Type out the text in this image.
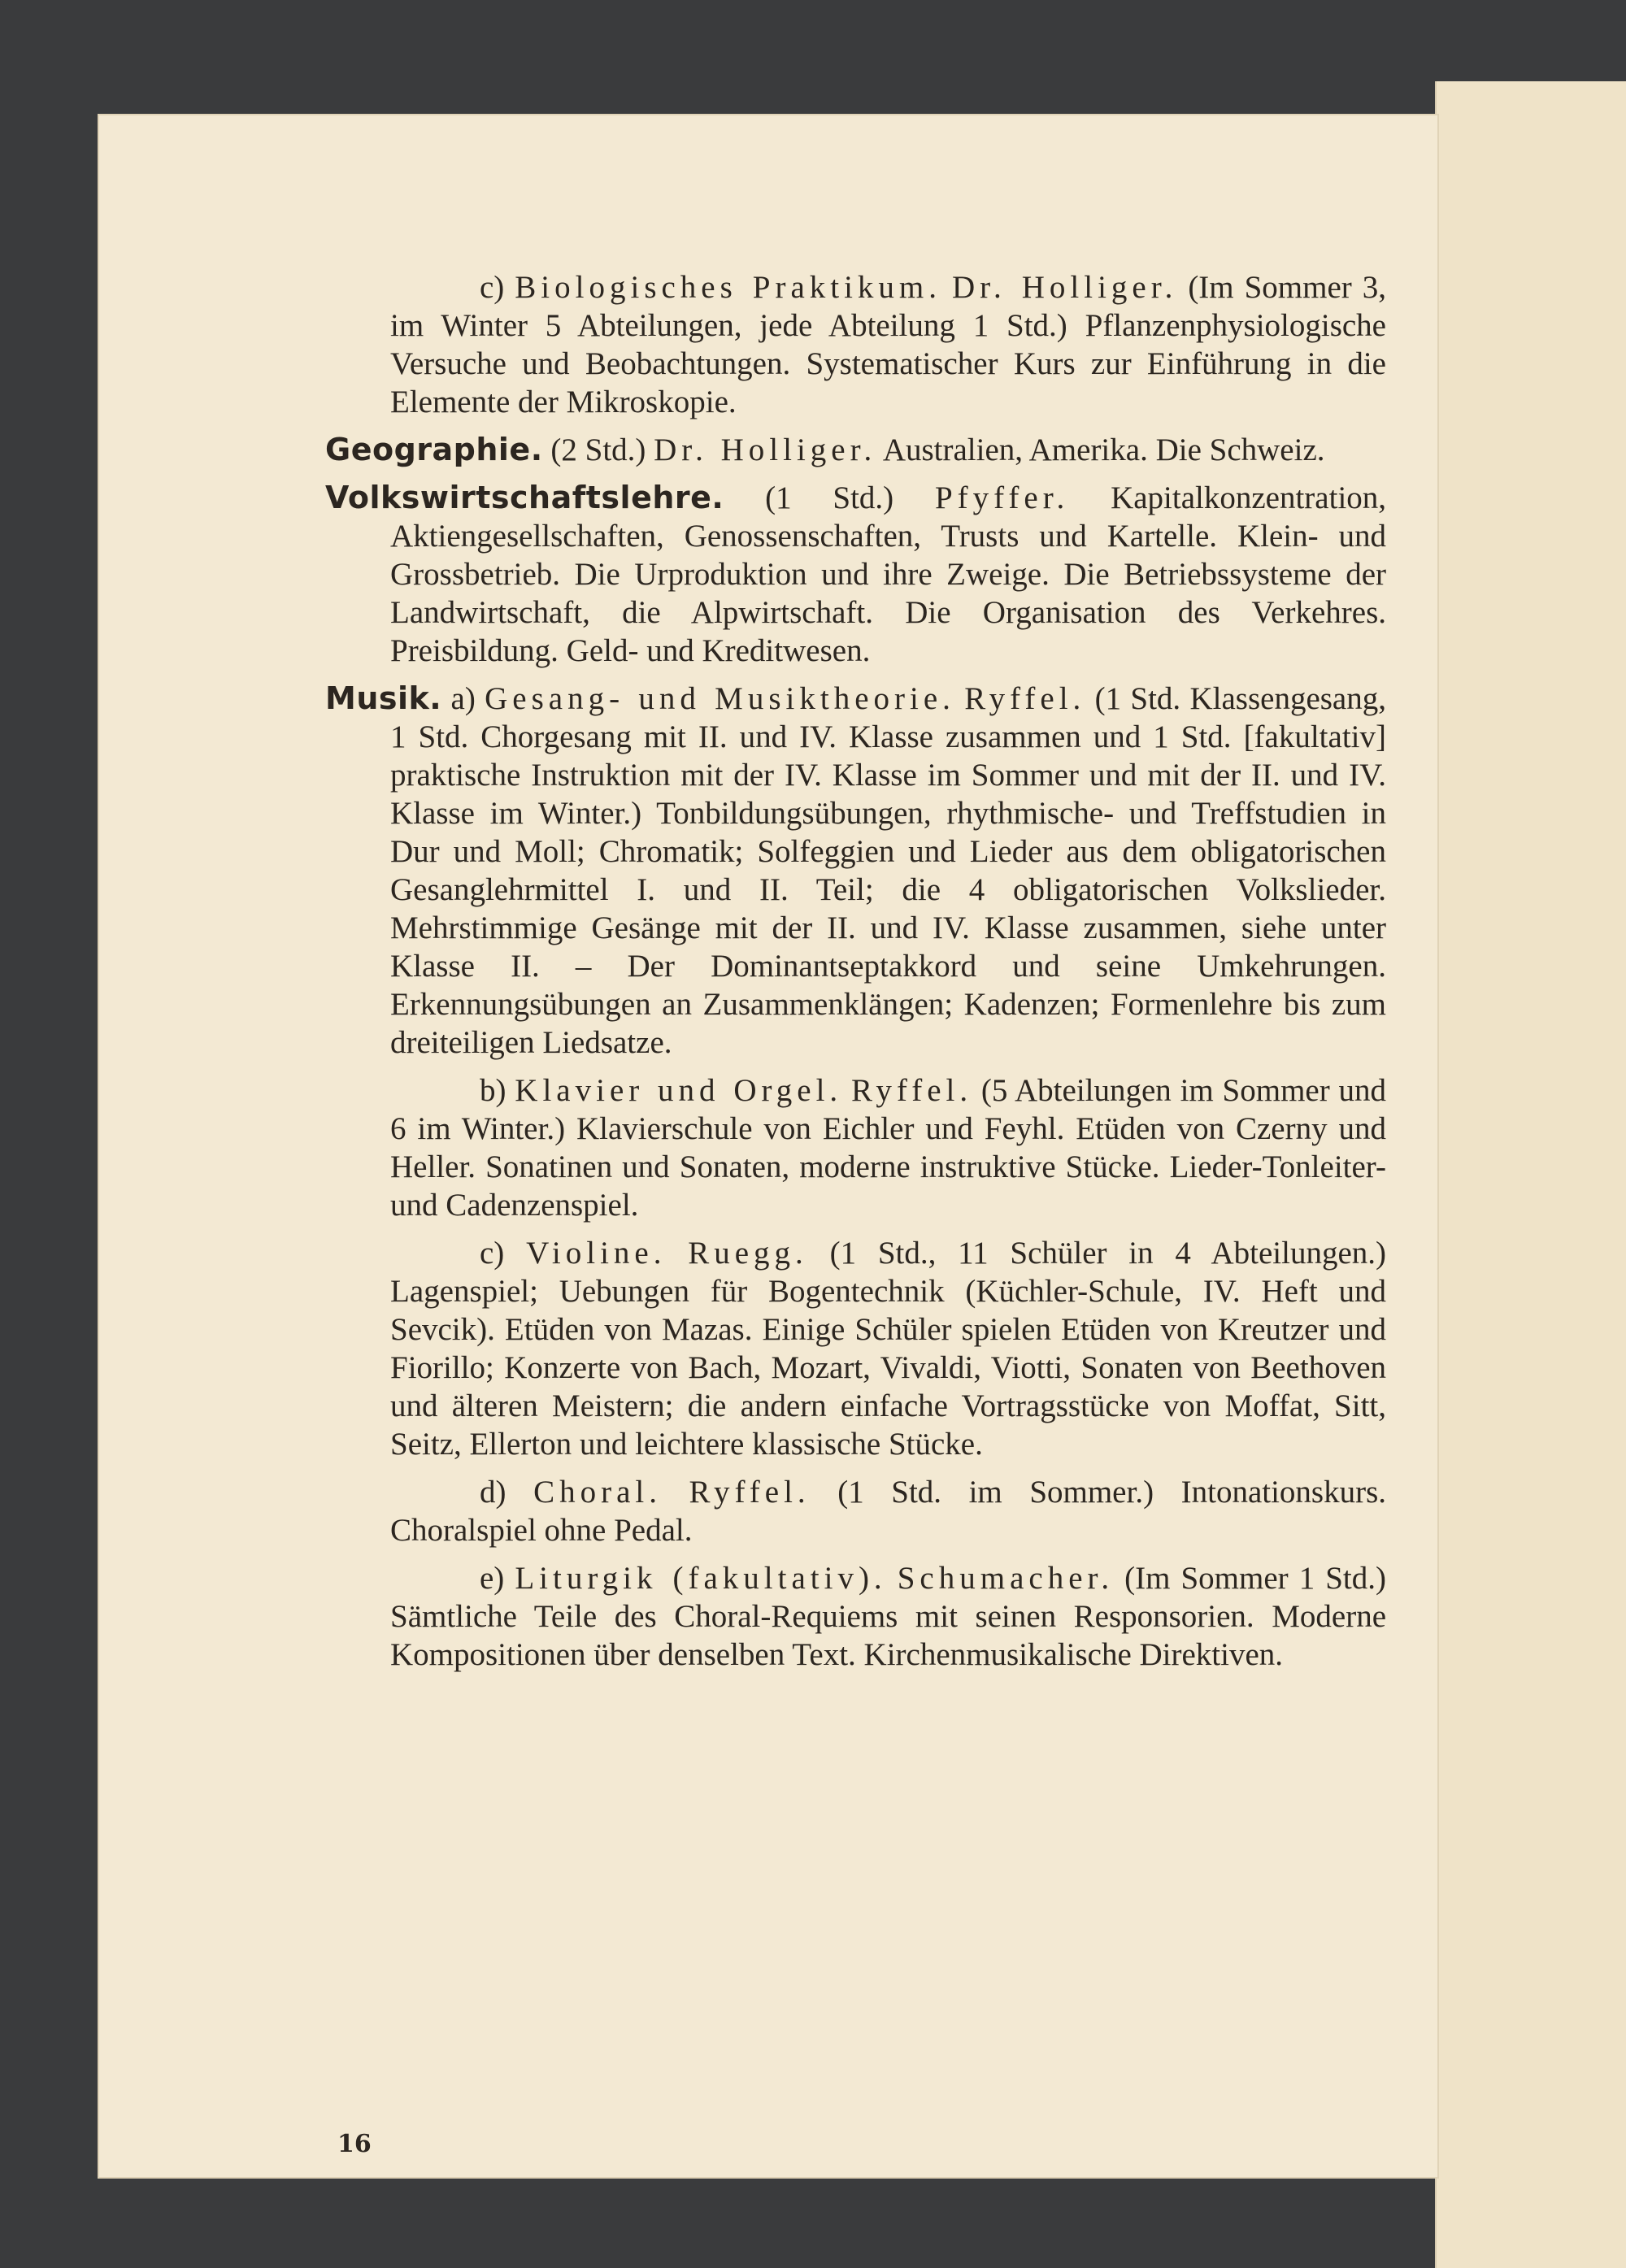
c) Biologisches Praktikum. Dr. Holliger. (Im Sommer 3, im Winter 5 Abteilungen, jede Abteilung 1 Std.) Pflanzenphysiologische Versuche und Beobachtungen. Systematischer Kurs zur Einführung in die Elemente der Mikroskopie.

Geographie. (2 Std.) Dr. Holliger. Australien, Amerika. Die Schweiz.

Volkswirtschaftslehre. (1 Std.) Pfyffer. Kapitalkonzentration, Aktiengesellschaften, Genossenschaften, Trusts und Kartelle. Klein- und Grossbetrieb. Die Urproduktion und ihre Zweige. Die Betriebssysteme der Landwirtschaft, die Alpwirtschaft. Die Organisation des Verkehres. Preisbildung. Geld- und Kreditwesen.

Musik. a) Gesang- und Musiktheorie. Ryffel. (1 Std. Klassengesang, 1 Std. Chorgesang mit II. und IV. Klasse zusammen und 1 Std. [fakultativ] praktische Instruktion mit der IV. Klasse im Sommer und mit der II. und IV. Klasse im Winter.) Tonbildungsübungen, rhythmische- und Treffstudien in Dur und Moll; Chromatik; Solfeggien und Lieder aus dem obligatorischen Gesanglehrmittel I. und II. Teil; die 4 obligatorischen Volkslieder. Mehrstimmige Gesänge mit der II. und IV. Klasse zusammen, siehe unter Klasse II. – Der Dominantseptakkord und seine Umkehrungen. Erkennungsübungen an Zusammenklängen; Kadenzen; Formenlehre bis zum dreiteiligen Liedsatze.

b) Klavier und Orgel. Ryffel. (5 Abteilungen im Sommer und 6 im Winter.) Klavierschule von Eichler und Feyhl. Etüden von Czerny und Heller. Sonatinen und Sonaten, moderne instruktive Stücke. Lieder-Tonleiter- und Cadenzenspiel.

c) Violine. Ruegg. (1 Std., 11 Schüler in 4 Abteilungen.) Lagenspiel; Uebungen für Bogentechnik (Küchler-Schule, IV. Heft und Sevcik). Etüden von Mazas. Einige Schüler spielen Etüden von Kreutzer und Fiorillo; Konzerte von Bach, Mozart, Vivaldi, Viotti, Sonaten von Beethoven und älteren Meistern; die andern einfache Vortragsstücke von Moffat, Sitt, Seitz, Ellerton und leichtere klassische Stücke.

d) Choral. Ryffel. (1 Std. im Sommer.) Intonationskurs. Choralspiel ohne Pedal.

e) Liturgik (fakultativ). Schumacher. (Im Sommer 1 Std.) Sämtliche Teile des Choral-Requiems mit seinen Responsorien. Moderne Kompositionen über denselben Text. Kirchenmusikalische Direktiven.

16
